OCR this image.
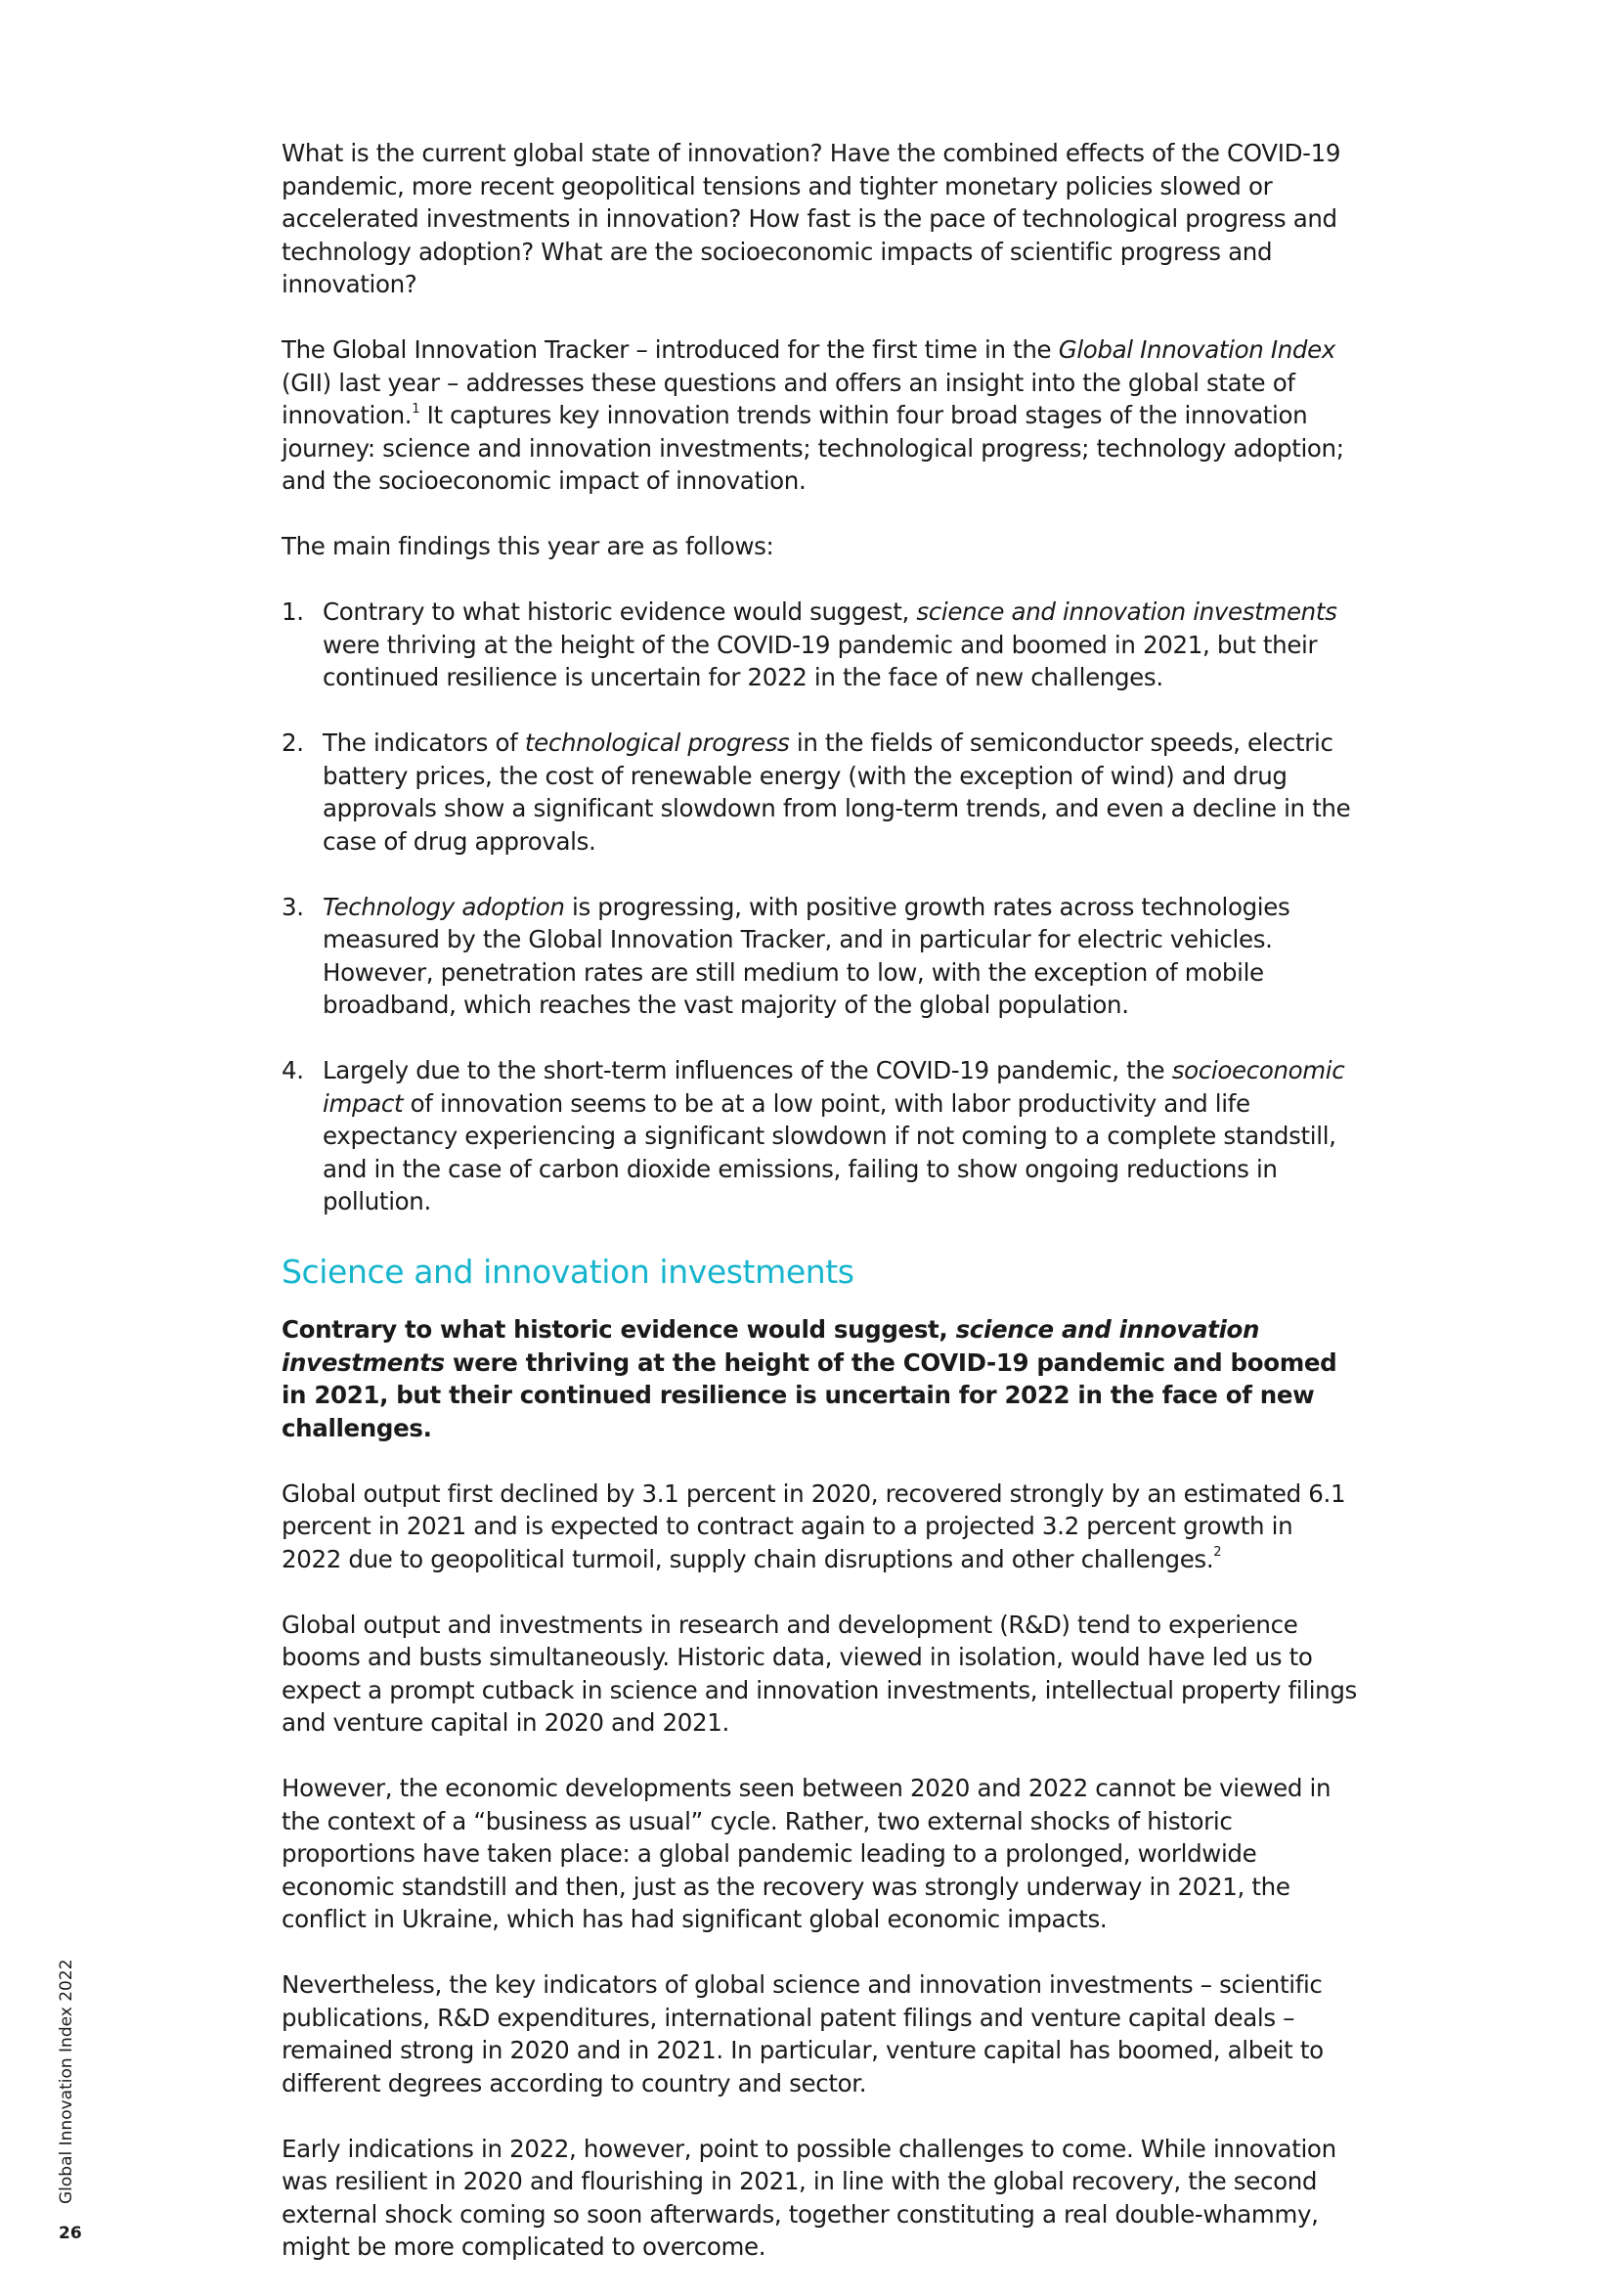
What is the current global state of innovation? Have the combined effects of the COVID-19 pandemic, more recent geopolitical tensions and tighter monetary policies slowed or accelerated investments in innovation? How fast is the pace of technological progress and technology adoption? What are the socioeconomic impacts of scientific progress and innovation?

The Global Innovation Tracker – introduced for the first time in the Global Innovation Index (GII) last year – addresses these questions and offers an insight into the global state of innovation.$^1$ It captures key innovation trends within four broad stages of the innovation journey: science and innovation investments; technological progress; technology adoption; and the socioeconomic impact of innovation.

The main findings this year are as follows:

1. Contrary to what historic evidence would suggest, science and innovation investments were thriving at the height of the COVID-19 pandemic and boomed in 2021, but their continued resilience is uncertain for 2022 in the face of new challenges.
2. The indicators of technological progress in the fields of semiconductor speeds, electric battery prices, the cost of renewable energy (with the exception of wind) and drug approvals show a significant slowdown from long-term trends, and even a decline in the case of drug approvals.
3. Technology adoption is progressing, with positive growth rates across technologies measured by the Global Innovation Tracker, and in particular for electric vehicles. However, penetration rates are still medium to low, with the exception of mobile broadband, which reaches the vast majority of the global population.
4. Largely due to the short-term influences of the COVID-19 pandemic, the socioeconomic impact of innovation seems to be at a low point, with labor productivity and life expectancy experiencing a significant slowdown if not coming to a complete standstill, and in the case of carbon dioxide emissions, failing to show ongoing reductions in pollution.
Science and innovation investments

Contrary to what historic evidence would suggest, science and innovation investments were thriving at the height of the COVID-19 pandemic and boomed in 2021, but their continued resilience is uncertain for 2022 in the face of new challenges.

Global output first declined by 3.1 percent in 2020, recovered strongly by an estimated 6.1 percent in 2021 and is expected to contract again to a projected 3.2 percent growth in 2022 due to geopolitical turmoil, supply chain disruptions and other challenges.$^2$

Global output and investments in research and development (R&D) tend to experience booms and busts simultaneously. Historic data, viewed in isolation, would have led us to expect a prompt cutback in science and innovation investments, intellectual property filings and venture capital in 2020 and 2021.

However, the economic developments seen between 2020 and 2022 cannot be viewed in the context of a “business as usual” cycle. Rather, two external shocks of historic proportions have taken place: a global pandemic leading to a prolonged, worldwide economic standstill and then, just as the recovery was strongly underway in 2021, the conflict in Ukraine, which has had significant global economic impacts.

Nevertheless, the key indicators of global science and innovation investments – scientific publications, R&D expenditures, international patent filings and venture capital deals – remained strong in 2020 and in 2021. In particular, venture capital has boomed, albeit to different degrees according to country and sector.

Early indications in 2022, however, point to possible challenges to come. While innovation was resilient in 2020 and flourishing in 2021, in line with the global recovery, the second external shock coming so soon afterwards, together constituting a real double-whammy, might be more complicated to overcome.

Global Innovation Index 2022
26
